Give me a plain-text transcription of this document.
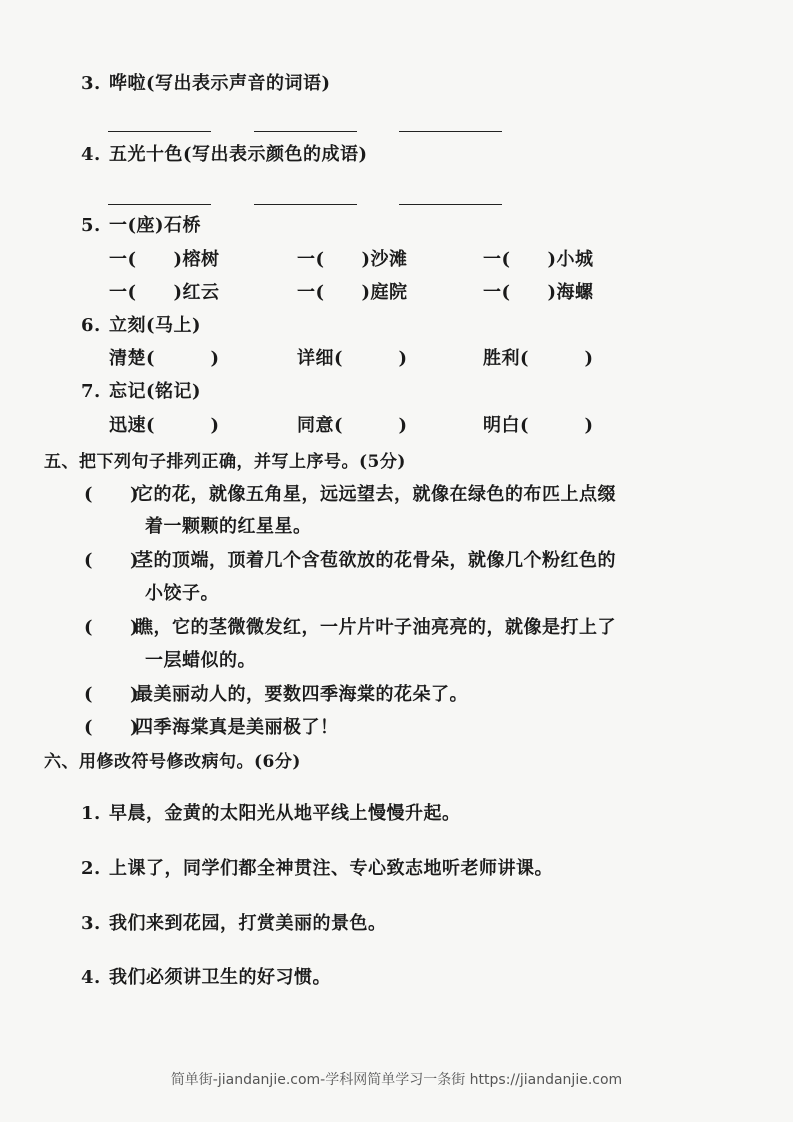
3. 哗啦(写出表示声音的词语)
4. 五光十色(写出表示颜色的成语)
5. 一(座)石桥
一(　　)榕树	一(　　)沙滩	一(　　)小城
一(　　)红云	一(　　)庭院	一(　　)海螺
6. 立刻(马上)
清楚(　　　)	详细(　　　)	胜利(　　　)
7. 忘记(铭记)
迅速(　　　)	同意(　　　)	明白(　　　)
五、把下列句子排列正确，并写上序号。(5分)
(　　)
它的花，就像五角星，远远望去，就像在绿色的布匹上点缀
着一颗颗的红星星。
(　　)
茎的顶端，顶着几个含苞欲放的花骨朵，就像几个粉红色的
小饺子。
(　　)
瞧，它的茎微微发红，一片片叶子油亮亮的，就像是打上了
一层蜡似的。
(　　)
最美丽动人的，要数四季海棠的花朵了。
(　　)
四季海棠真是美丽极了！
六、用修改符号修改病句。(6分)
1. 早晨，金黄的太阳光从地平线上慢慢升起。
2. 上课了，同学们都全神贯注、专心致志地听老师讲课。
3. 我们来到花园，打赏美丽的景色。
4. 我们必须讲卫生的好习惯。
简单街-jiandanjie.com-学科网简单学习一条街 https://jiandanjie.com
